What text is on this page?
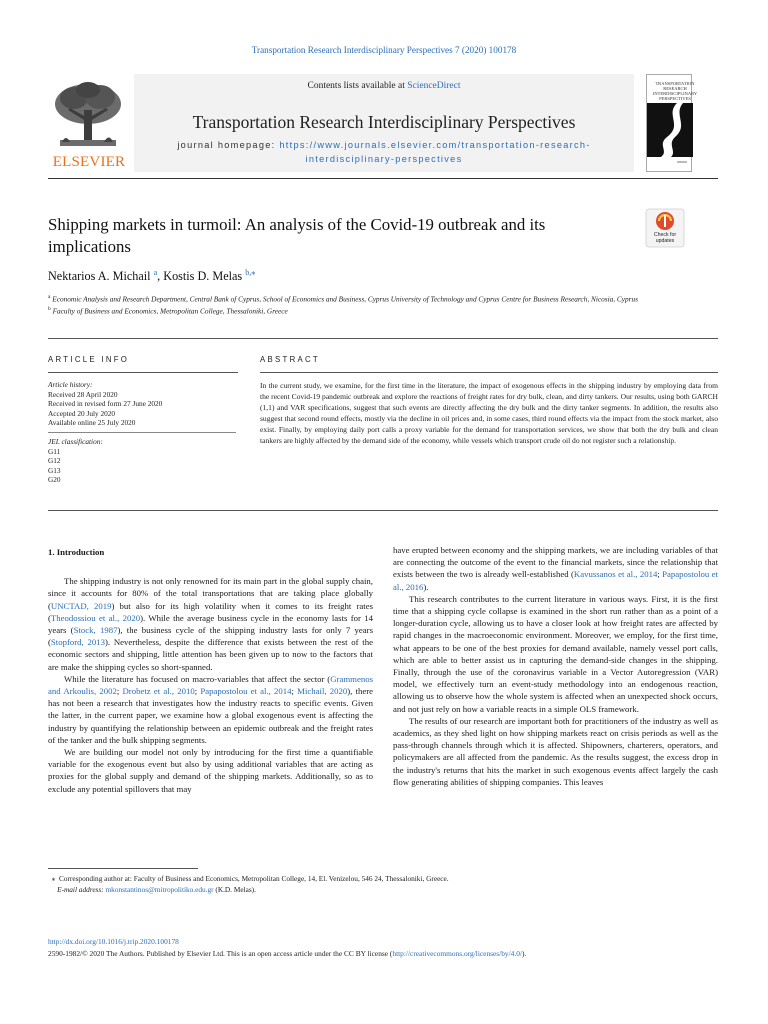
Transportation Research Interdisciplinary Perspectives 7 (2020) 100178
ELSEVIER
Contents lists available at ScienceDirect
Transportation Research Interdisciplinary Perspectives
journal homepage: https://www.journals.elsevier.com/transportation-research-
interdisciplinary-perspectives
TRANSPORTATION RESEARCH INTERDISCIPLINARY PERSPECTIVES
Shipping markets in turmoil: An analysis of the Covid-19 outbreak and its implications
Check for
updates
Nektarios A. Michail $^a$, Kostis D. Melas $^{b,⁎}$
$^a$ Economic Analysis and Research Department, Central Bank of Cyprus, School of Economics and Business, Cyprus University of Technology and Cyprus Centre for Business Research, Nicosia, Cyprus
$^b$ Faculty of Business and Economics, Metropolitan College, Thessaloniki, Greece
ARTICLE INFO	ABSTRACT
Article history:
Received 28 April 2020
Received in revised form 27 June 2020
Accepted 20 July 2020
Available online 25 July 2020
JEL classification:
G11
G12
G13
G20
In the current study, we examine, for the first time in the literature, the impact of exogenous effects in the shipping industry by employing data from the recent Covid-19 pandemic outbreak and explore the reactions of freight rates for dry bulk, clean, and dirty tankers. Our results, using both GARCH (1,1) and VAR specifications, suggest that such events are directly affecting the dry bulk and the dirty tanker segments. In addition, the results also suggest that second round effects, mostly via the decline in oil prices and, in some cases, third round effects via the impact from the stock market, also exist. Finally, by employing daily port calls a proxy variable for the demand for transportation services, we show that both the dry bulk and clean tankers are highly affected by the demand side of the economy, while vessels which transport crude oil do not register such a relationship.
1. Introduction

The shipping industry is not only renowned for its main part in the global supply chain, since it accounts for 80% of the total transportations that are taking place globally (UNCTAD, 2019) but also for its high volatility when it comes to its freight rates (Theodossiou et al., 2020). While the average business cycle in the economy lasts for 14 years (Stock, 1987), the business cycle of the shipping industry lasts for only 7 years (Stopford, 2013). Nevertheless, despite the difference that exists between the rest of the economic sectors and shipping, little attention has been given up to now to the factors that are make the shipping cycles so short-spanned.

While the literature has focused on macro-variables that affect the sector (Grammenos and Arkoulis, 2002; Drobetz et al., 2010; Papapostolou et al., 2014; Michail, 2020), there has not been a research that investigates how the industry reacts to specific events. Given the latter, in the current paper, we examine how a global exogenous event is affecting the industry by quantifying the relationship between an epidemic outbreak and the freight rates of the tanker and the bulk shipping segments.

We are building our model not only by introducing for the first time a quantifiable variable for the exogenous event but also by using additional variables that are acting as proxies for the global supply and demand of the shipping markets. Additionally, so as to exclude any potential spillovers that may

have erupted between economy and the shipping markets, we are including variables of that are connecting the outcome of the event to the financial markets, since the relationship that exists between the two is already well-established (Kavussanos et al., 2014; Papapostolou et al., 2016).

This research contributes to the current literature in various ways. First, it is the first time that a shipping cycle collapse is examined in the short run rather than as a point of a longer-duration cycle, allowing us to have a closer look at how freight rates are affected by rapid changes in the macroeconomic environment. Moreover, we employ, for the first time, what appears to be one of the best proxies for demand available, namely vessel port calls, which are able to better assist us in capturing the demand-side changes in the shipping. Finally, through the use of the coronavirus variable in a Vector Autoregression (VAR) model, we effectively turn an event-study methodology into an endogenous reaction, allowing us to observe how the whole system is affected when an unexpected shock occurs, and not just rely on how a variable reacts in a simple OLS framework.

The results of our research are important both for practitioners of the industry as well as academics, as they shed light on how shipping markets react on crisis periods as well as the pass-through channels through which it is affected. Shipowners, charterers, operators, and policymakers are all affected from the pandemic. As the results suggest, the excess drop in the industry's returns that hits the market in such exogenous events affect largely the cash flow generating abilities of shipping companies. This leaves

⁎ Corresponding author at: Faculty of Business and Economics, Metropolitan College, 14, El. Venizelou, 546 24, Thessaloniki, Greece.
E-mail address: mkonstantinos@mitropolitiko.edu.gr (K.D. Melas).
http://dx.doi.org/10.1016/j.trip.2020.100178
2590-1982/© 2020 The Authors. Published by Elsevier Ltd. This is an open access article under the CC BY license (http://creativecommons.org/licenses/by/4.0/).
